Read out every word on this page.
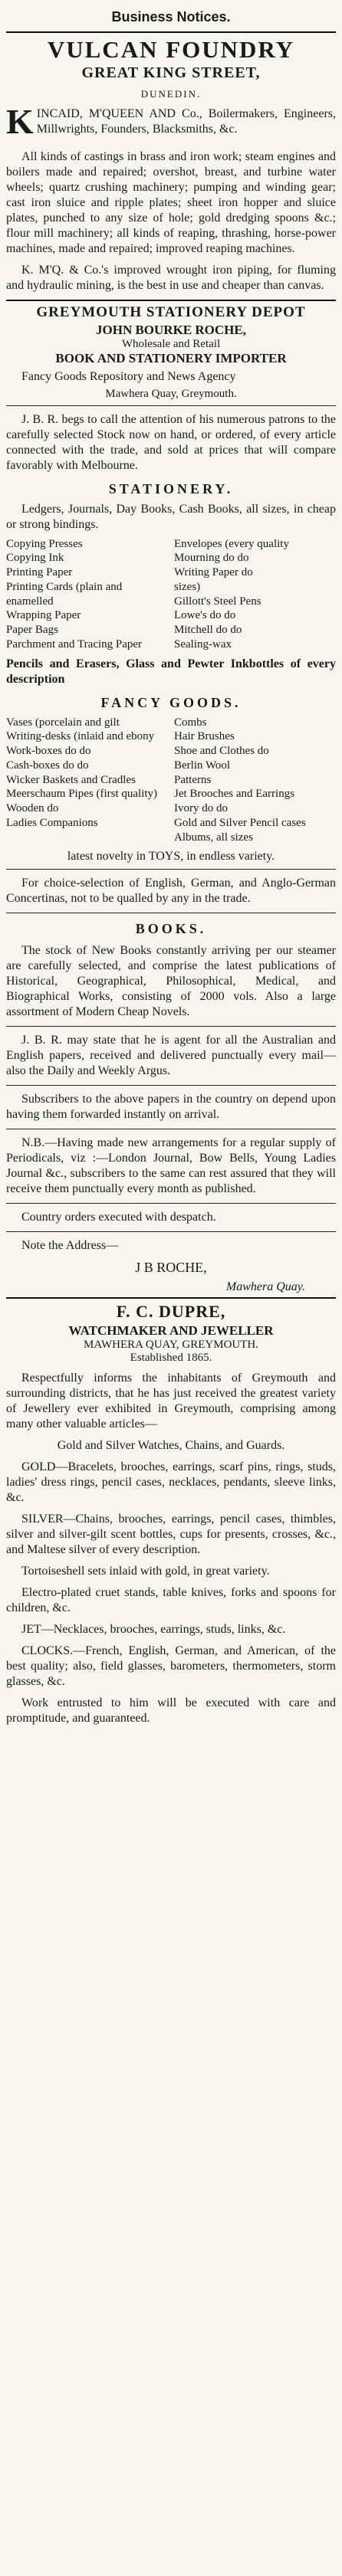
Business Notices.
VULCAN FOUNDRY
GREAT KING STREET,
DUNEDIN.

K INCAID, M'QUEEN AND Co., Boilermakers, Engineers, Millwrights, Founders, Blacksmiths, &c.

All kinds of castings in brass and iron work; steam engines and boilers made and repaired; overshot, breast, and turbine water wheels; quartz crushing machinery; pumping and winding gear; cast iron sluice and ripple plates; sheet iron hopper and sluice plates, punched to any size of hole; gold dredging spoons &c.; flour mill machinery; all kinds of reaping, thrashing, horse-power machines, made and repaired; improved reaping machines.

K. M'Q. & Co.'s improved wrought iron piping, for fluming and hydraulic mining, is the best in use and cheaper than canvas.

GREYMOUTH STATIONERY DEPOT
JOHN BOURKE ROCHE,
Wholesale and Retail
BOOK AND STATIONERY IMPORTER

Fancy Goods Repository and News Agency

Mawhera Quay, Greymouth.

J. B. R. begs to call the attention of his numerous patrons to the carefully selected Stock now on hand, or ordered, of every article connected with the trade, and sold at prices that will compare favorably with Melbourne.

STATIONERY.

Ledgers, Journals, Day Books, Cash Books, all sizes, in cheap or strong bindings.

Copying Presses
Copying Ink
Printing Paper
Printing Cards (plain and enamelled
Wrapping Paper
Paper Bags
Parchment and Tracing Paper
Envelopes (every quality
Mourning do do
Writing Paper do
sizes)
Gillott's Steel Pens
Lowe's do do
Mitchell do do
Sealing-wax

Pencils and Erasers, Glass and Pewter Inkbottles of every description

FANCY GOODS.
Vases (porcelain and gilt
Writing-desks (inlaid and ebony
Work-boxes do do
Cash-boxes do do
Wicker Baskets and Cradles
Meerschaum Pipes (first quality)
Wooden do
Ladies Companions
Combs
Hair Brushes
Shoe and Clothes do
Berlin Wool
Patterns
Jet Brooches and Earrings
Ivory do do
Gold and Silver Pencil cases
Albums, all sizes

latest novelty in TOYS, in endless variety.

For choice-selection of English, German, and Anglo-German Concertinas, not to be qualled by any in the trade.

BOOKS.

The stock of New Books constantly arriving per our steamer are carefully selected, and comprise the latest publications of Historical, Geographical, Philosophical, Medical, and Biographical Works, consisting of 2000 vols. Also a large assortment of Modern Cheap Novels.

J. B. R. may state that he is agent for all the Australian and English papers, received and delivered punctually every mail—also the Daily and Weekly Argus.

Subscribers to the above papers in the country on depend upon having them forwarded instantly on arrival.

N.B.—Having made new arrangements for a regular supply of Periodicals, viz :—London Journal, Bow Bells, Young Ladies Journal &c., subscribers to the same can rest assured that they will receive them punctually every month as published.

Country orders executed with despatch.

Note the Address—

J B ROCHE,
Mawhera Quay.
F. C. DUPRE,
WATCHMAKER AND JEWELLER
MAWHERA QUAY, GREYMOUTH.
Established 1865.

Respectfully informs the inhabitants of Greymouth and surrounding districts, that he has just received the greatest variety of Jewellery ever exhibited in Greymouth, comprising among many other valuable articles—

Gold and Silver Watches, Chains, and Guards.

GOLD—Bracelets, brooches, earrings, scarf pins, rings, studs, ladies' dress rings, pencil cases, necklaces, pendants, sleeve links, &c.

SILVER—Chains, brooches, earrings, pencil cases, thimbles, silver and silver-gilt scent bottles, cups for presents, crosses, &c., and Maltese silver of every description.

Tortoiseshell sets inlaid with gold, in great variety.

Electro-plated cruet stands, table knives, forks and spoons for children, &c.

JET—Necklaces, brooches, earrings, studs, links, &c.

CLOCKS.—French, English, German, and American, of the best quality; also, field glasses, barometers, thermometers, storm glasses, &c.

Work entrusted to him will be executed with care and promptitude, and guaranteed.
